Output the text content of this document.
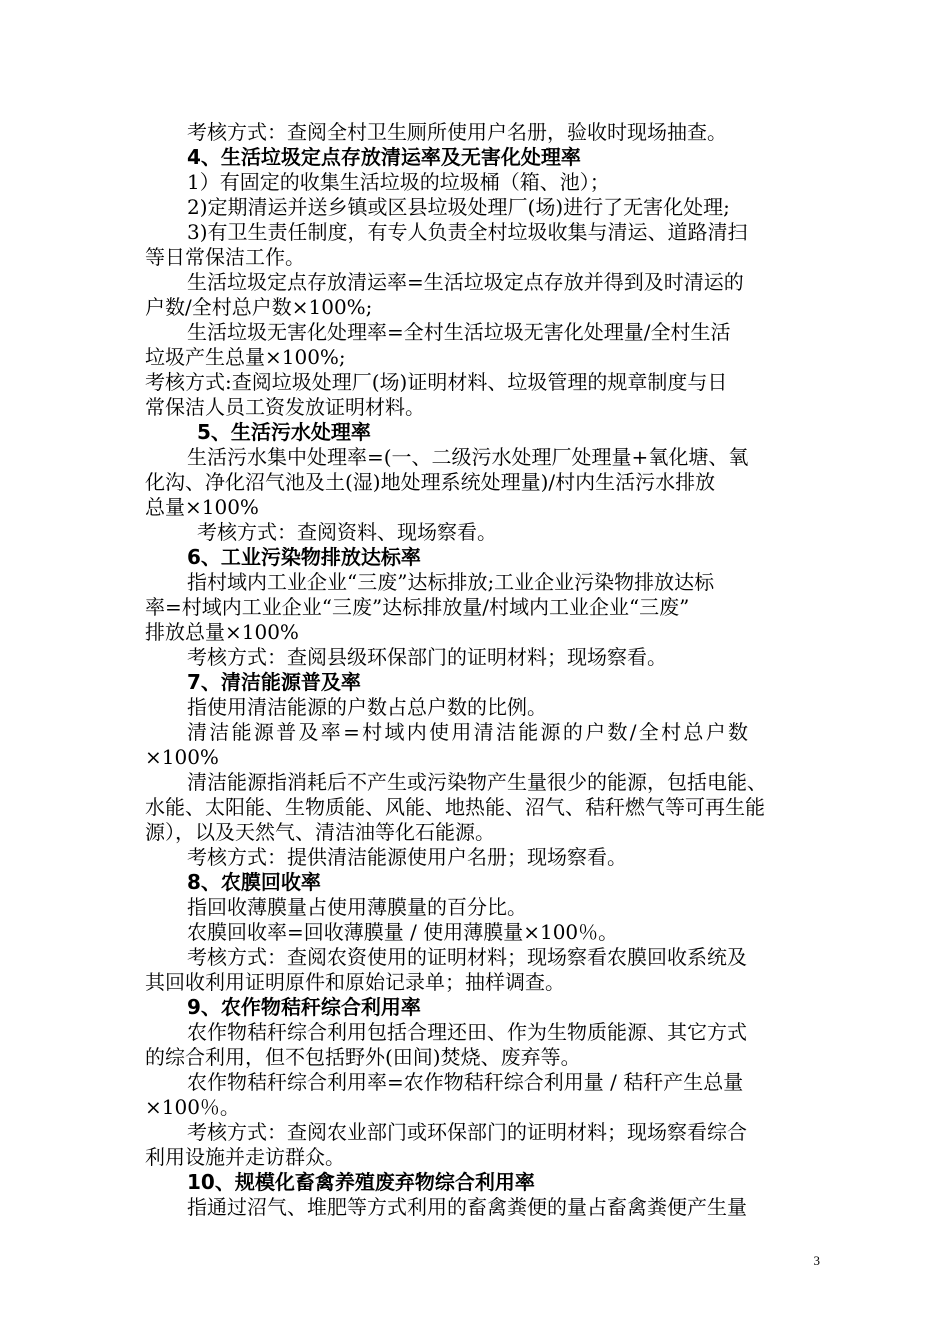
考核方式：查阅全村卫生厕所使用户名册，验收时现场抽查。
4、生活垃圾定点存放清运率及无害化处理率
1）有固定的收集生活垃圾的垃圾桶（箱、池）；
2)定期清运并送乡镇或区县垃圾处理厂(场)进行了无害化处理;
3)有卫生责任制度，有专人负责全村垃圾收集与清运、道路清扫
等日常保洁工作。
生活垃圾定点存放清运率=生活垃圾定点存放并得到及时清运的
户数/全村总户数×100%;
生活垃圾无害化处理率=全村生活垃圾无害化处理量/全村生活
垃圾产生总量×100%;
考核方式:查阅垃圾处理厂(场)证明材料、垃圾管理的规章制度与日
常保洁人员工资发放证明材料。
5、生活污水处理率
生活污水集中处理率=(一、二级污水处理厂处理量+氧化塘、氧
化沟、净化沼气池及土(湿)地处理系统处理量)/村内生活污水排放
总量×100%
考核方式：查阅资料、现场察看。
6、工业污染物排放达标率
指村域内工业企业“三废”达标排放;工业企业污染物排放达标
率=村域内工业企业“三废”达标排放量/村域内工业企业“三废”
排放总量×100%
考核方式：查阅县级环保部门的证明材料；现场察看。
7、清洁能源普及率
指使用清洁能源的户数占总户数的比例。
清洁能源普及率=村域内使用清洁能源的户数/全村总户数
×100%
清洁能源指消耗后不产生或污染物产生量很少的能源，包括电能、
水能、太阳能、生物质能、风能、地热能、沼气、秸秆燃气等可再生能
源），以及天然气、清洁油等化石能源。
考核方式：提供清洁能源使用户名册；现场察看。
8、农膜回收率
指回收薄膜量占使用薄膜量的百分比。
农膜回收率=回收薄膜量 / 使用薄膜量×100％。
考核方式：查阅农资使用的证明材料；现场察看农膜回收系统及
其回收利用证明原件和原始记录单；抽样调查。
9、农作物秸秆综合利用率
农作物秸秆综合利用包括合理还田、作为生物质能源、其它方式
的综合利用，但不包括野外(田间)焚烧、废弃等。
农作物秸秆综合利用率=农作物秸秆综合利用量 / 秸秆产生总量
×100％。
考核方式：查阅农业部门或环保部门的证明材料；现场察看综合
利用设施并走访群众。
10、规模化畜禽养殖废弃物综合利用率
指通过沼气、堆肥等方式利用的畜禽粪便的量占畜禽粪便产生量
3
